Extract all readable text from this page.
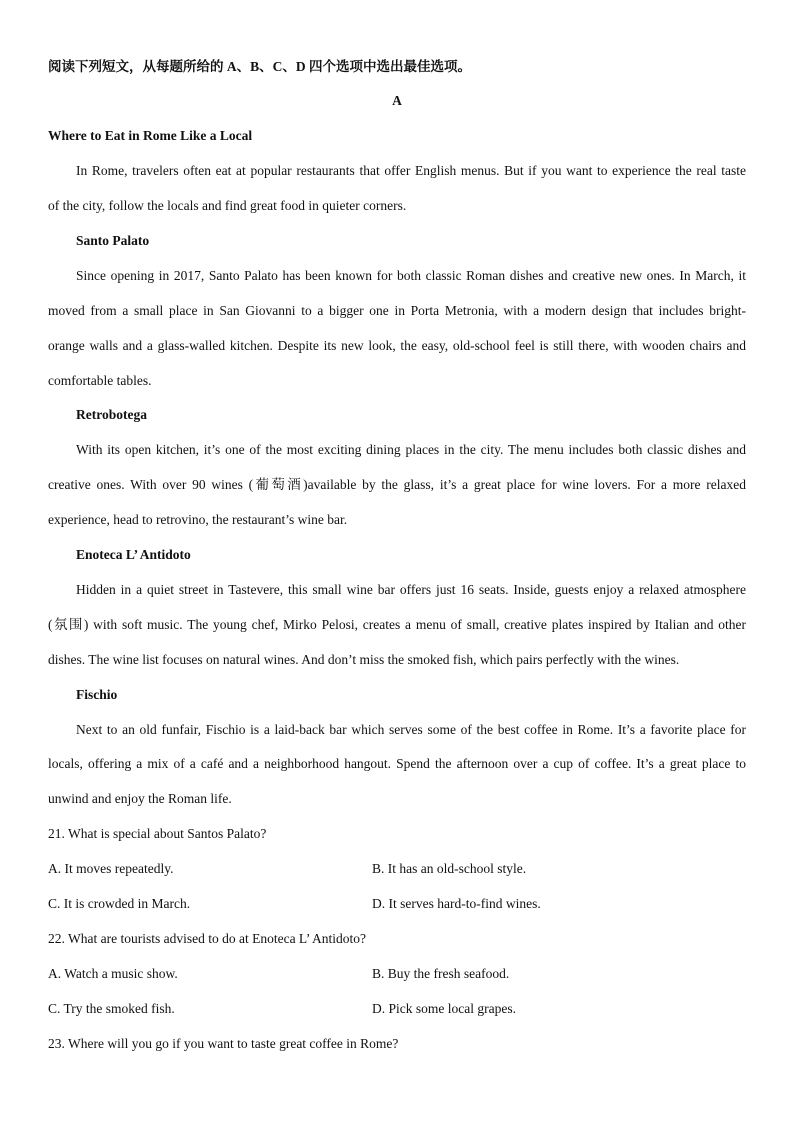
阅读下列短文，从每题所给的 A、B、C、D 四个选项中选出最佳选项。
A
Where to Eat in Rome Like a Local
In Rome, travelers often eat at popular restaurants that offer English menus. But if you want to experience the real taste
of the city, follow the locals and find great food in quieter corners.
Santo Palato
Since opening in 2017, Santo Palato has been known for both classic Roman dishes and creative new ones. In March, it
moved from a small place in San Giovanni to a bigger one in Porta Metronia, with a modern design that includes bright-
orange walls and a glass-walled kitchen. Despite its new look, the easy, old-school feel is still there, with wooden chairs and
comfortable tables.
Retrobotega
With its open kitchen, it’s one of the most exciting dining places in the city. The menu includes both classic dishes and
creative ones. With over 90 wines (葡萄酒)available by the glass, it’s a great place for wine lovers. For a more relaxed
experience, head to retrovino, the restaurant’s wine bar.
Enoteca L’ Antidoto
Hidden in a quiet street in Tastevere, this small wine bar offers just 16 seats. Inside, guests enjoy a relaxed atmosphere
(氛围) with soft music. The young chef, Mirko Pelosi, creates a menu of small, creative plates inspired by Italian and other
dishes. The wine list focuses on natural wines. And don’t miss the smoked fish, which pairs perfectly with the wines.
Fischio
Next to an old funfair, Fischio is a laid-back bar which serves some of the best coffee in Rome. It’s a favorite place for
locals, offering a mix of a café and a neighborhood hangout. Spend the afternoon over a cup of coffee. It’s a great place to
unwind and enjoy the Roman life.
21. What is special about Santos Palato?
A. It moves repeatedly.	B. It has an old-school style.
C. It is crowded in March.	D. It serves hard-to-find wines.
22. What are tourists advised to do at Enoteca L’ Antidoto?
A. Watch a music show.	B. Buy the fresh seafood.
C. Try the smoked fish.	D. Pick some local grapes.
23. Where will you go if you want to taste great coffee in Rome?
